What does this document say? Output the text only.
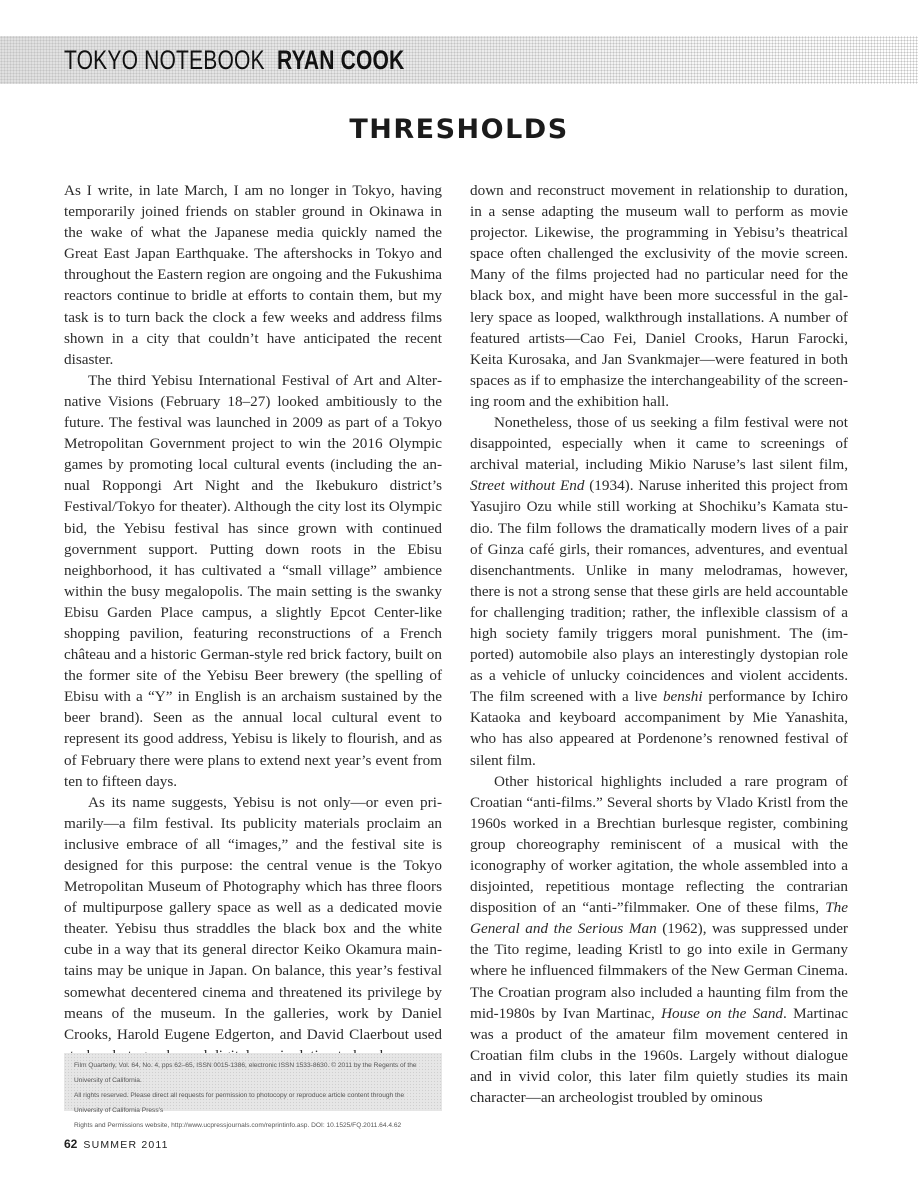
TOKYO NOTEBOOK RYAN COOK
THRESHOLDS

As I write, in late March, I am no longer in Tokyo, having temporarily joined friends on stabler ground in Okinawa in the wake of what the Japanese media quickly named the Great East Japan Earthquake. The aftershocks in Tokyo and throughout the Eastern region are ongoing and the Fukushima reactors continue to bridle at efforts to contain them, but my task is to turn back the clock a few weeks and address films shown in a city that couldn’t have anticipated the recent disaster.

The third Yebisu International Festival of Art and Alternative Visions (February 18–27) looked ambitiously to the future. The festival was launched in 2009 as part of a Tokyo Metropolitan Government project to win the 2016 Olympic games by promoting local cultural events (including the annual Roppongi Art Night and the Ikebukuro district’s Festival/Tokyo for theater). Although the city lost its Olympic bid, the Yebisu festival has since grown with continued government support. Putting down roots in the Ebisu neighborhood, it has cultivated a “small village” ambience within the busy megalopolis. The main setting is the swanky Ebisu Garden Place campus, a slightly Epcot Center-like shopping pavilion, featuring reconstructions of a French château and a historic German-style red brick factory, built on the former site of the Yebisu Beer brewery (the spelling of Ebisu with a “Y” in English is an archaism sustained by the beer brand). Seen as the annual local cultural event to represent its good address, Yebisu is likely to flourish, and as of February there were plans to extend next year’s event from ten to fifteen days.

As its name suggests, Yebisu is not only—or even primarily—a film festival. Its publicity materials proclaim an inclusive embrace of all “images,” and the festival site is designed for this purpose: the central venue is the Tokyo Metropolitan Museum of Photography which has three floors of multipurpose gallery space as well as a dedicated movie theater. Yebisu thus straddles the black box and the white cube in a way that its general director Keiko Okamura maintains may be unique in Japan. On balance, this year’s festival somewhat decentered cinema and threatened its privilege by means of the museum. In the galleries, work by Daniel Crooks, Harold Eugene Edgerton, and David Claerbout used

down and reconstruct movement in relationship to duration, in a sense adapting the museum wall to perform as movie projector. Likewise, the programming in Yebisu’s theatrical space often challenged the exclusivity of the movie screen. Many of the films projected had no particular need for the black box, and might have been more successful in the gallery space as looped, walkthrough installations. A number of featured artists—Cao Fei, Daniel Crooks, Harun Farocki, Keita Kurosaka, and Jan Svankmajer—were featured in both spaces as if to emphasize the interchangeability of the screening room and the exhibition hall.

Nonetheless, those of us seeking a film festival were not disappointed, especially when it came to screenings of archival material, including Mikio Naruse’s last silent film, Street without End (1934). Naruse inherited this project from Yasujiro Ozu while still working at Shochiku’s Kamata studio. The film follows the dramatically modern lives of a pair of Ginza café girls, their romances, adventures, and eventual disenchantments. Unlike in many melodramas, however, there is not a strong sense that these girls are held accountable for challenging tradition; rather, the inflexible classism of a high society family triggers moral punishment. The (imported) automobile also plays an interestingly dystopian role as a vehicle of unlucky coincidences and violent accidents. The film screened with a live benshi performance by Ichiro Kataoka and keyboard accompaniment by Mie Yanashita, who has also appeared at Pordenone’s renowned festival of silent film.

Other historical highlights included a rare program of Croatian “anti-films.” Several shorts by Vlado Kristl from the 1960s worked in a Brechtian burlesque register, combining group choreography reminiscent of a musical with the iconography of worker agitation, the whole assembled into a disjointed, repetitious montage reflecting the contrarian disposition of an “anti-”filmmaker. One of these films, The General and the Serious Man (1962), was suppressed under the Tito regime, leading Kristl to go into exile in Germany where he influenced filmmakers of the New German Cinema. The Croatian program also included a haunting film from the mid-1980s by Ivan Martinac, House on the Sand. Martinac was a product of the amateur film movement centered in Croatian film clubs in the 1960s. Largely without dialogue and in vivid color, this later film quietly studies its main character—an archeologist troubled by ominous

Film Quarterly, Vol. 64, No. 4, pps 62–65, ISSN 0015-1386, electronic ISSN 1533-8630. © 2011 by the Regents of the University of California.

All rights reserved. Please direct all requests for permission to photocopy or reproduce article content through the University of California Press’s

Rights and Permissions website, http://www.ucpressjournals.com/reprintinfo.asp. DOI: 10.1525/FQ.2011.64.4.62

62 SUMMER 2011
